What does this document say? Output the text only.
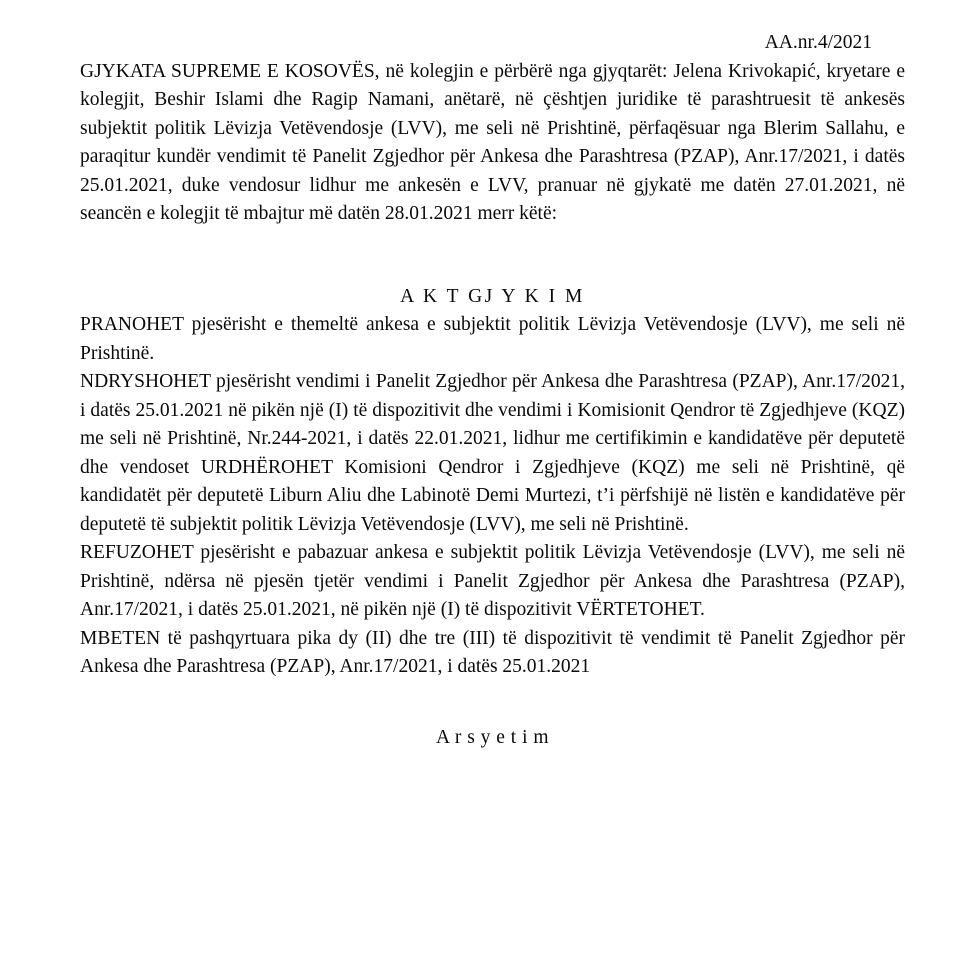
AA.nr.4/2021

GJYKATA SUPREME E KOSOVËS, në kolegjin e përbërë nga gjyqtarët: Jelena Krivokapić, kryetare e kolegjit, Beshir Islami dhe Ragip Namani, anëtarë, në çështjen juridike të parashtruesit të ankesës subjektit politik Lëvizja Vetëvendosje (LVV), me seli në Prishtinë, përfaqësuar nga Blerim Sallahu, e paraqitur kundër vendimit të Panelit Zgjedhor për Ankesa dhe Parashtresa (PZAP), Anr.17/2021, i datës 25.01.2021, duke vendosur lidhur me ankesën e LVV, pranuar në gjykatë me datën 27.01.2021, në seancën e kolegjit të mbajtur më datën 28.01.2021 merr këtë:

A K T GJ Y K I M

PRANOHET pjesërisht e themeltë ankesa e subjektit politik Lëvizja Vetëvendosje (LVV), me seli në Prishtinë.

NDRYSHOHET pjesërisht vendimi i Panelit Zgjedhor për Ankesa dhe Parashtresa (PZAP), Anr.17/2021, i datës 25.01.2021 në pikën një (I) të dispozitivit dhe vendimi i Komisionit Qendror të Zgjedhjeve (KQZ) me seli në Prishtinë, Nr.244-2021, i datës 22.01.2021, lidhur me certifikimin e kandidatëve për deputetë dhe vendoset URDHËROHET Komisioni Qendror i Zgjedhjeve (KQZ) me seli në Prishtinë, që kandidatët për deputetë Liburn Aliu dhe Labinotë Demi Murtezi, t’i përfshijë në listën e kandidatëve për deputetë të subjektit politik Lëvizja Vetëvendosje (LVV), me seli në Prishtinë.

REFUZOHET pjesërisht e pabazuar ankesa e subjektit politik Lëvizja Vetëvendosje (LVV), me seli në Prishtinë, ndërsa në pjesën tjetër vendimi i Panelit Zgjedhor për Ankesa dhe Parashtresa (PZAP), Anr.17/2021, i datës 25.01.2021, në pikën një (I) të dispozitivit VËRTETOHET.

MBETEN të pashqyrtuara pika dy (II) dhe tre (III) të dispozitivit të vendimit të Panelit Zgjedhor për Ankesa dhe Parashtresa (PZAP), Anr.17/2021, i datës 25.01.2021

A r s y e t i m
